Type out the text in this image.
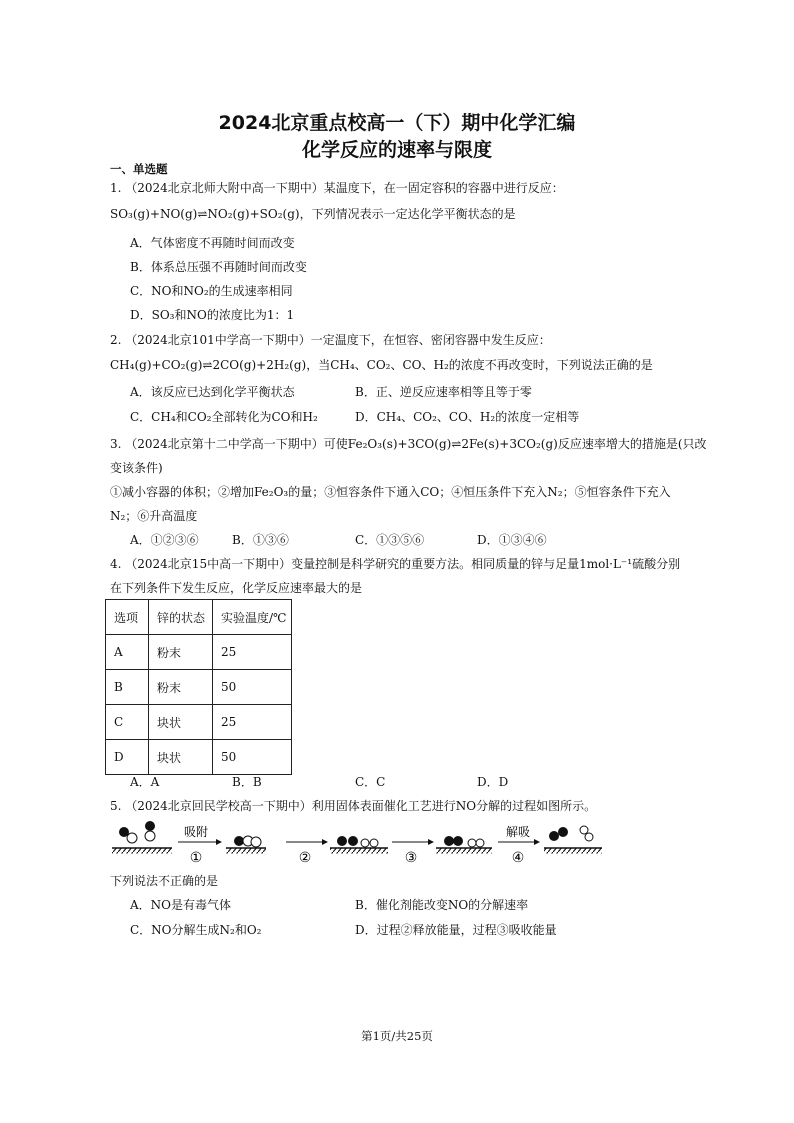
2024北京重点校高一（下）期中化学汇编
化学反应的速率与限度
一、单选题
1. （2024北京北师大附中高一下期中）某温度下，在一固定容积的容器中进行反应：
SO₃(g)+NO(g)⇌NO₂(g)+SO₂(g)，下列情况表示一定达化学平衡状态的是
A．气体密度不再随时间而改变
B．体系总压强不再随时间而改变
C．NO和NO₂的生成速率相同
D．SO₃和NO的浓度比为1：1
2. （2024北京101中学高一下期中）一定温度下，在恒容、密闭容器中发生反应：
CH₄(g)+CO₂(g)⇌2CO(g)+2H₂(g)，当CH₄、CO₂、CO、H₂的浓度不再改变时，下列说法正确的是
A．该反应已达到化学平衡状态	B．正、逆反应速率相等且等于零
C．CH₄和CO₂全部转化为CO和H₂	D．CH₄、CO₂、CO、H₂的浓度一定相等
3. （2024北京第十二中学高一下期中）可使Fe₂O₃(s)+3CO(g)⇌2Fe(s)+3CO₂(g)反应速率增大的措施是(只改
变该条件)
①减小容器的体积；②增加Fe₂O₃的量；③恒容条件下通入CO；④恒压条件下充入N₂；⑤恒容条件下充入
N₂；⑥升高温度
A．①②③⑥	B．①③⑥	C．①③⑤⑥	D．①③④⑥
4. （2024北京15中高一下期中）变量控制是科学研究的重要方法。相同质量的锌与足量1mol·L⁻¹硫酸分别
在下列条件下发生反应，化学反应速率最大的是
选项	锌的状态	实验温度/℃
A	粉末	25
B	粉末	50
C	块状	25
D	块状	50
A．A	B．B	C．C	D．D
5. （2024北京回民学校高一下期中）利用固体表面催化工艺进行NO分解的过程如图所示。
吸附
①	②	③
解吸
④
下列说法不正确的是
A．NO是有毒气体	B．催化剂能改变NO的分解速率
C．NO分解生成N₂和O₂	D．过程②释放能量，过程③吸收能量
第1页/共25页
